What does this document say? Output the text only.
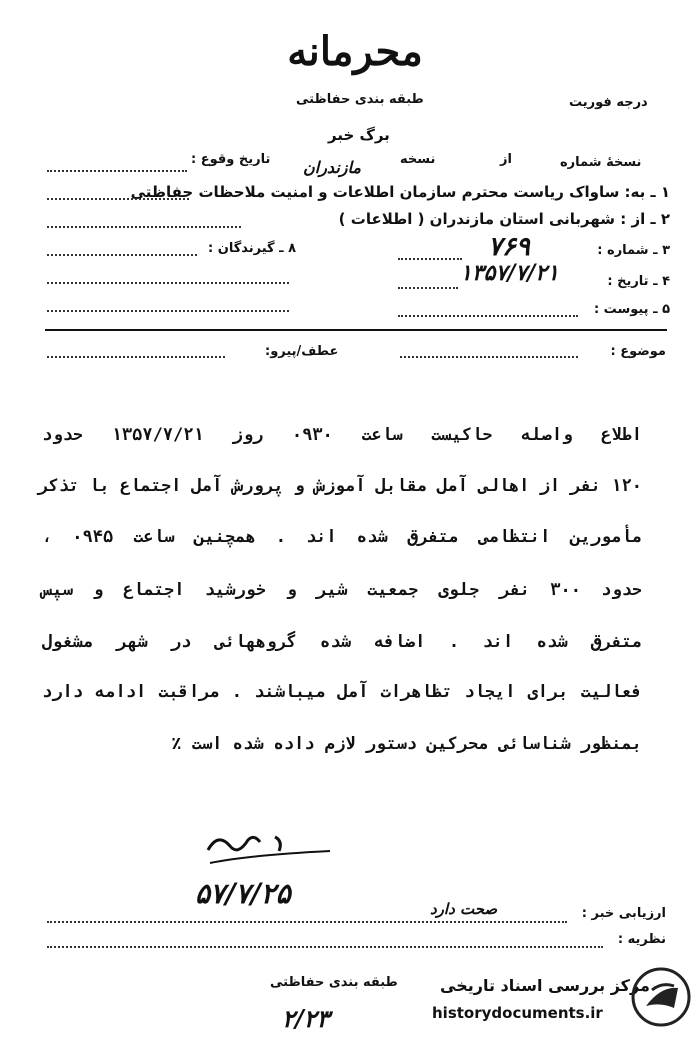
محرمانه
طبقه بندی حفاظتی	درجه فوریت
برگ خبر
نسخهٔ شماره
از
نسخه
تاریخ وقوع : مازندران
۱ ـ به: ساواک ریاست محترم سازمان اطلاعات و امنیت ملاحظات حفاظتی
۲ ـ از : شهربانی استان مازندران ( اطلاعات )
۳ ـ شماره :
۷۶۹
۸ ـ گیرندگان :
۴ ـ تاریخ :
۱۳۵۷/۷/۲۱
۵ ـ پیوست :
موضوع :
عطف/پیرو:
اطلاع واصله حاکیست ساعت ۰۹۳۰ روز ۱۳۵۷/۷/۲۱ حدود
۱۲۰ نفر از اهالی آمل مقابل آموزش و پرورش آمل اجتماع با تذکر
مأمورین انتظامی متفرق شده اند . همچنین ساعت ۰۹۴۵ ،
حدود ۳۰۰ نفر جلوی جمعیت شیر و خورشید اجتماع و سپس
متفرق شده اند . اضافه شده گروههائی در شهر مشغول
فعالیت برای ایجاد تظاهرات آمل میباشند . مراقبت ادامه دارد
بمنظور شناسائی محرکین دستور لازم داده شده است ٪
۵۷/۷/۲۵
ارزیابی خبر :
صحت دارد
نظریه :
طبقه بندی حفاظتی
۲/۲۳
مرکز بررسی اسناد تاریخی
historydocuments.ir
